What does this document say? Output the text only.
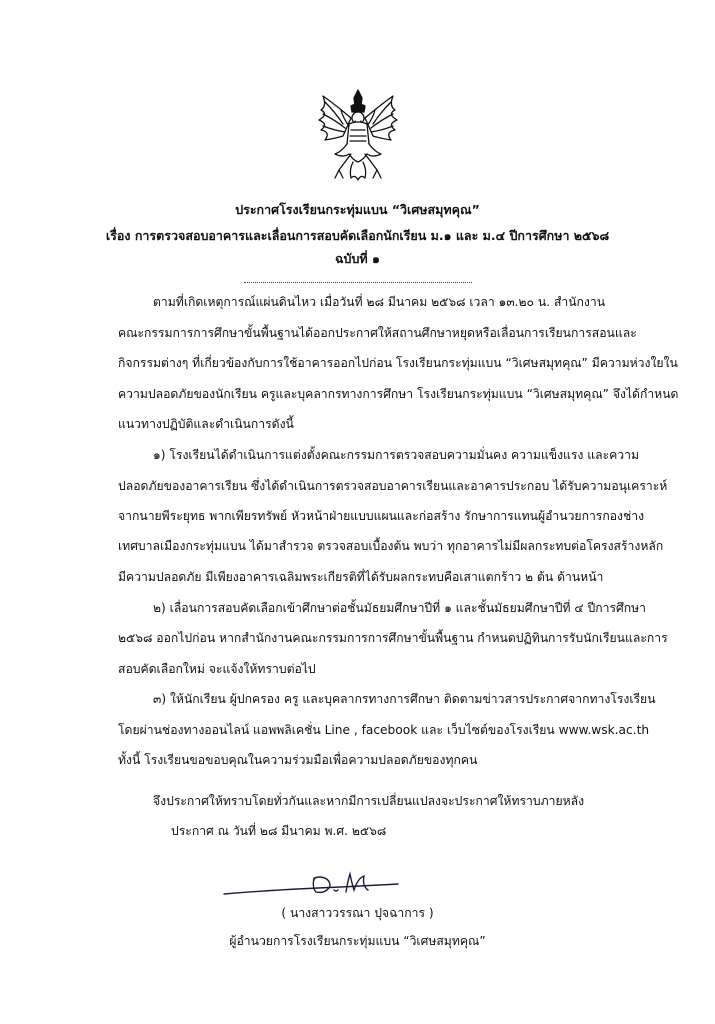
ประกาศโรงเรียนกระทุ่มแบน “วิเศษสมุทคุณ”
เรื่อง การตรวจสอบอาคารและเลื่อนการสอบคัดเลือกนักเรียน ม.๑ และ ม.๔ ปีการศึกษา ๒๕๖๘
ฉบับที่ ๑
ตามที่เกิดเหตุการณ์แผ่นดินไหว เมื่อวันที่ ๒๘ มีนาคม ๒๕๖๘ เวลา ๑๓.๒๐ น. สำนักงาน
คณะกรรมการการศึกษาขั้นพื้นฐานได้ออกประกาศให้สถานศึกษาหยุดหรือเลื่อนการเรียนการสอนและ
กิจกรรมต่างๆ ที่เกี่ยวข้องกับการใช้อาคารออกไปก่อน โรงเรียนกระทุ่มแบน “วิเศษสมุทคุณ” มีความห่วงใยใน
ความปลอดภัยของนักเรียน ครูและบุคลากรทางการศึกษา โรงเรียนกระทุ่มแบน “วิเศษสมุทคุณ” จึงได้กำหนด
แนวทางปฏิบัติและดำเนินการดังนี้
๑) โรงเรียนได้ดำเนินการแต่งตั้งคณะกรรมการตรวจสอบความมั่นคง ความแข็งแรง และความ
ปลอดภัยของอาคารเรียน ซึ่งได้ดำเนินการตรวจสอบอาคารเรียนและอาคารประกอบ ได้รับความอนุเคราะห์
จากนายพีระยุทธ พากเพียรทรัพย์ หัวหน้าฝ่ายแบบแผนและก่อสร้าง รักษาการแทนผู้อำนวยการกองช่าง
เทศบาลเมืองกระทุ่มแบน ได้มาสำรวจ ตรวจสอบเบื้องต้น พบว่า ทุกอาคารไม่มีผลกระทบต่อโครงสร้างหลัก
มีความปลอดภัย มีเพียงอาคารเฉลิมพระเกียรติที่ได้รับผลกระทบคือเสาแตกร้าว ๒ ต้น ด้านหน้า
๒) เลื่อนการสอบคัดเลือกเข้าศึกษาต่อชั้นมัธยมศึกษาปีที่ ๑ และชั้นมัธยมศึกษาปีที่ ๔ ปีการศึกษา
๒๕๖๘ ออกไปก่อน หากสำนักงานคณะกรรมการการศึกษาขั้นพื้นฐาน กำหนดปฏิทินการรับนักเรียนและการ
สอบคัดเลือกใหม่ จะแจ้งให้ทราบต่อไป
๓) ให้นักเรียน ผู้ปกครอง ครู และบุคลากรทางการศึกษา ติดตามข่าวสารประกาศจากทางโรงเรียน
โดยผ่านช่องทางออนไลน์ แอพพลิเคชั่น Line , facebook และ เว็บไซต์ของโรงเรียน www.wsk.ac.th
ทั้งนี้ โรงเรียนขอขอบคุณในความร่วมมือเพื่อความปลอดภัยของทุกคน
จึงประกาศให้ทราบโดยทั่วกันและหากมีการเปลี่ยนแปลงจะประกาศให้ทราบภายหลัง
ประกาศ ณ วันที่ ๒๘ มีนาคม พ.ศ. ๒๕๖๘
( นางสาววรรณา ปุจฉาการ )
ผู้อำนวยการโรงเรียนกระทุ่มแบน “วิเศษสมุทคุณ”
